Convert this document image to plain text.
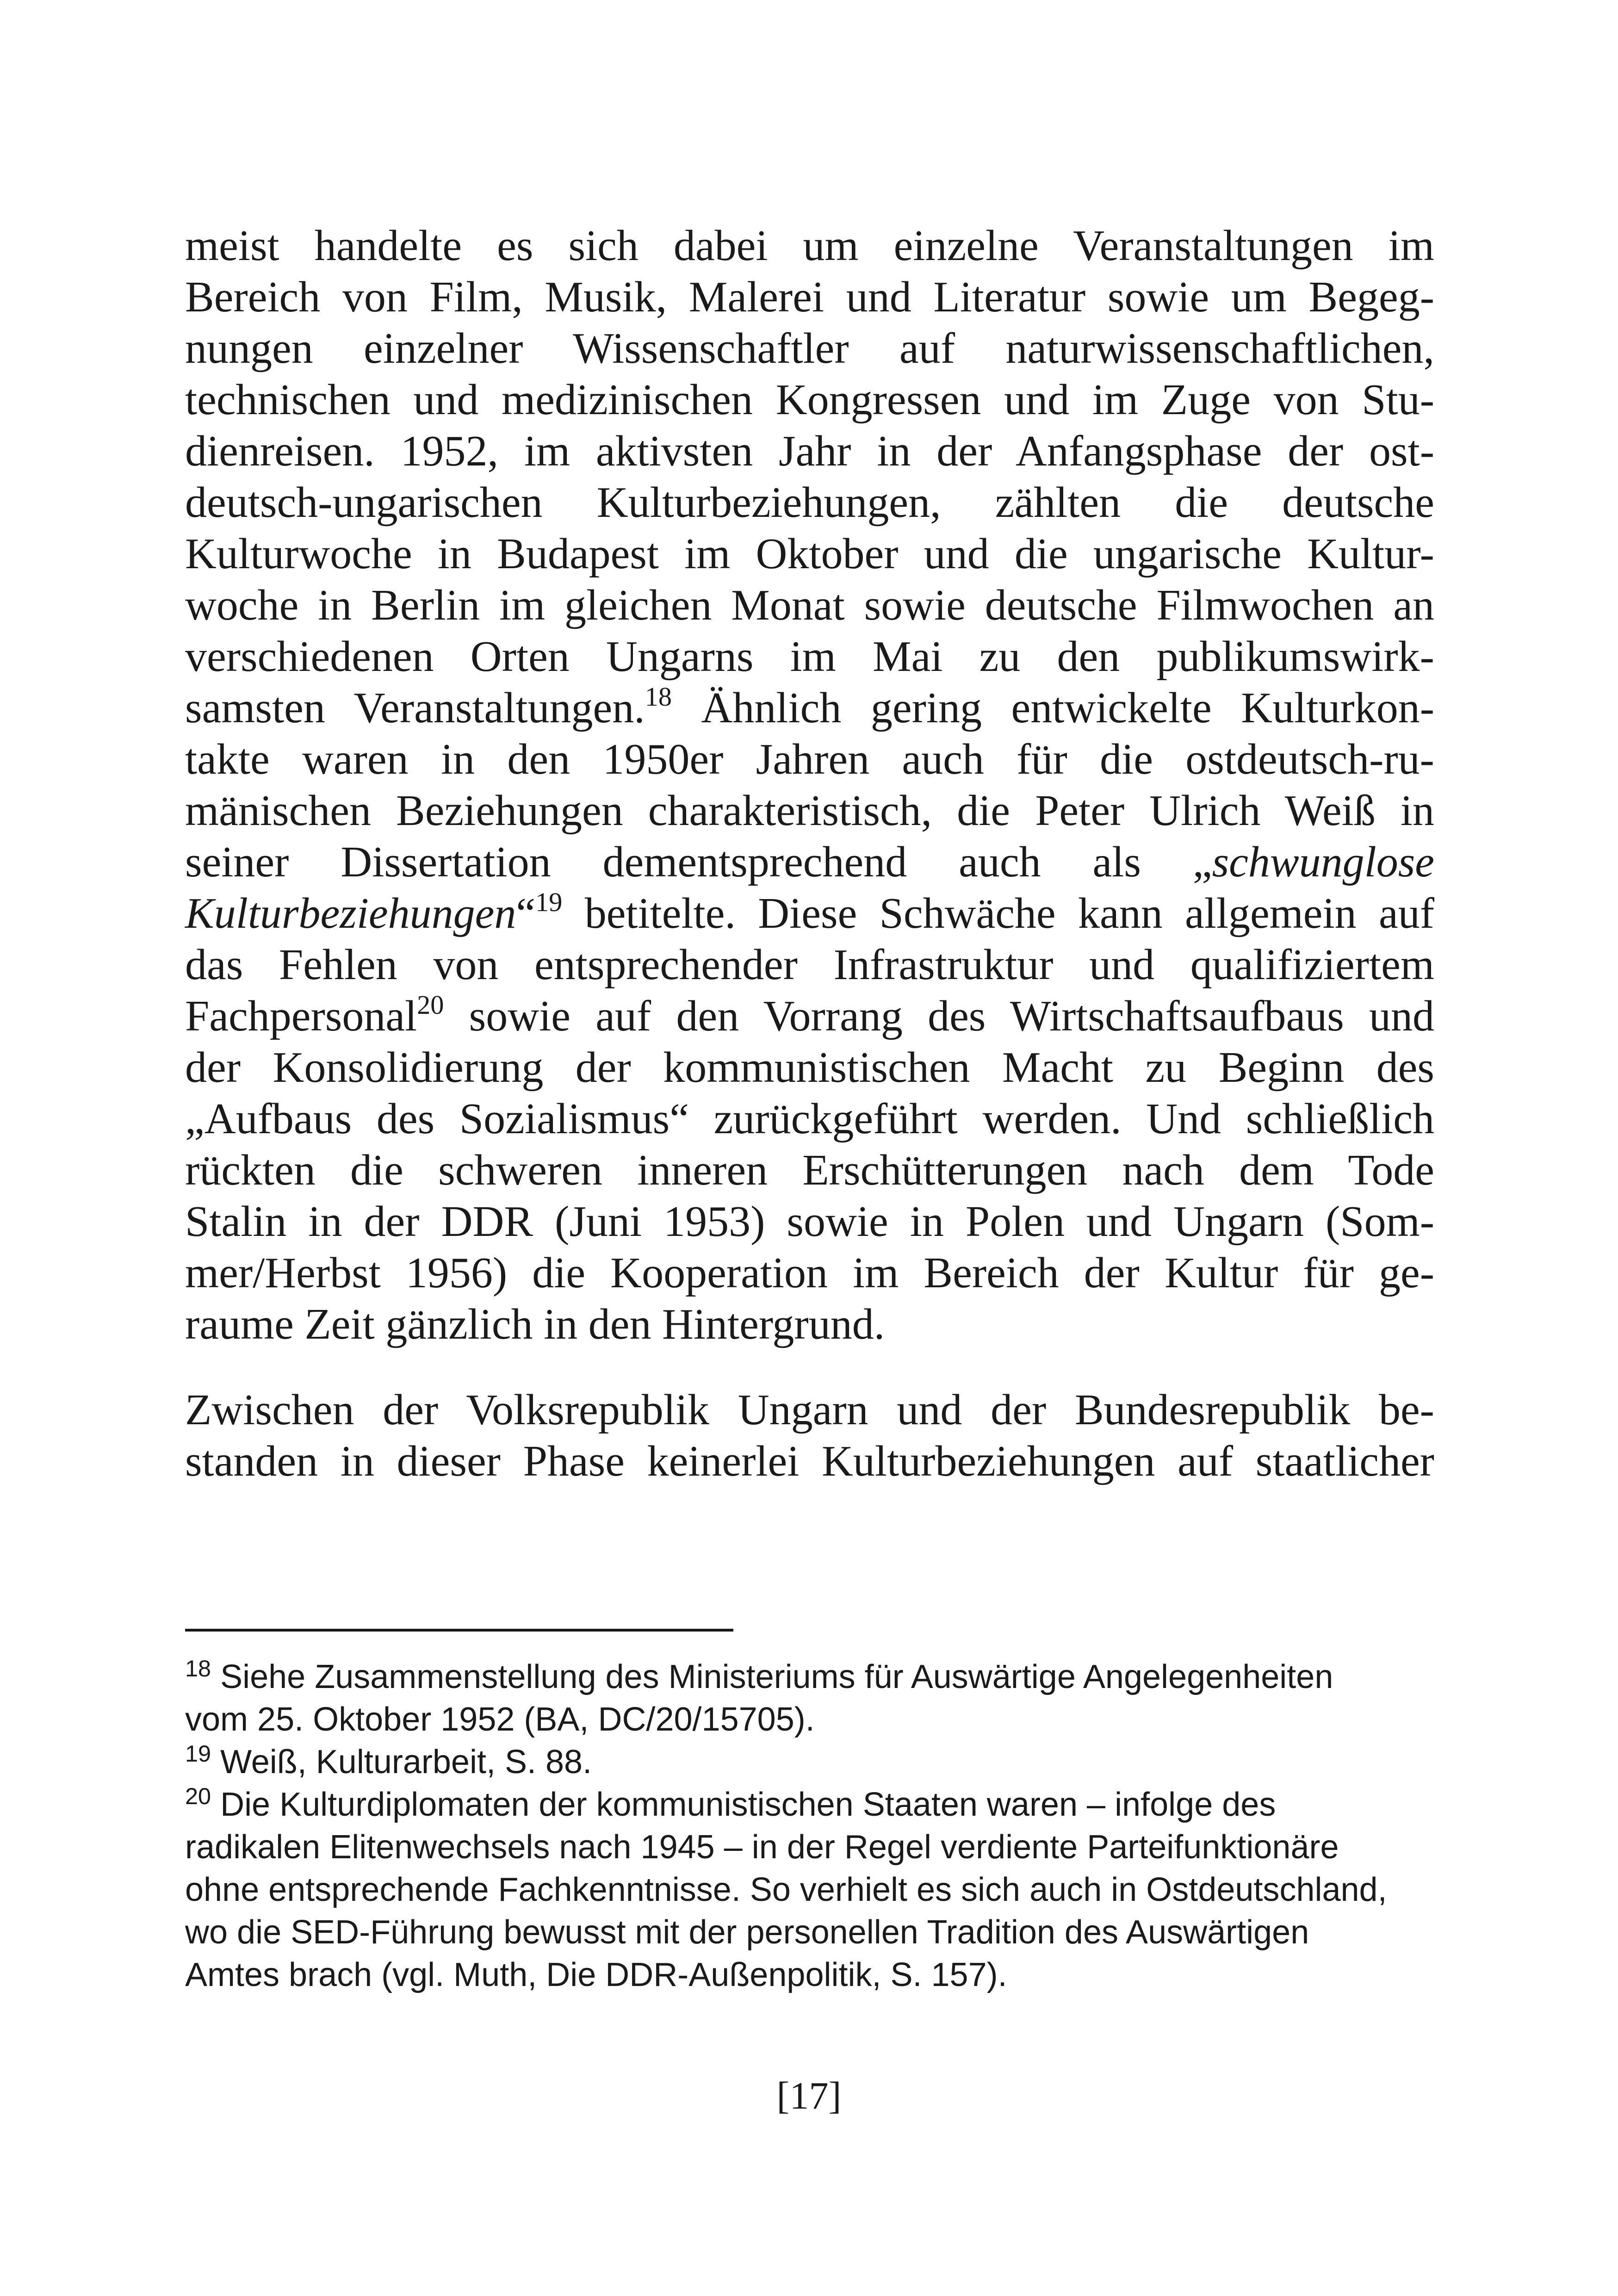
meist handelte es sich dabei um einzelne Veranstaltungen im
Bereich von Film, Musik, Malerei und Literatur sowie um Begeg-
nungen einzelner Wissenschaftler auf naturwissenschaftlichen,
technischen und medizinischen Kongressen und im Zuge von Stu-
dienreisen. 1952, im aktivsten Jahr in der Anfangsphase der ost-
deutsch-ungarischen Kulturbeziehungen, zählten die deutsche
Kulturwoche in Budapest im Oktober und die ungarische Kultur-
woche in Berlin im gleichen Monat sowie deutsche Filmwochen an
verschiedenen Orten Ungarns im Mai zu den publikumswirk-
samsten Veranstaltungen.$^{18}$ Ähnlich gering entwickelte Kulturkon-
takte waren in den 1950er Jahren auch für die ostdeutsch-ru-
mänischen Beziehungen charakteristisch, die Peter Ulrich Weiß in
seiner Dissertation dementsprechend auch als „schwunglose
Kulturbeziehungen“$^{19}$ betitelte. Diese Schwäche kann allgemein auf
das Fehlen von entsprechender Infrastruktur und qualifiziertem
Fachpersonal$^{20}$ sowie auf den Vorrang des Wirtschaftsaufbaus und
der Konsolidierung der kommunistischen Macht zu Beginn des
„Aufbaus des Sozialismus“ zurückgeführt werden. Und schließlich
rückten die schweren inneren Erschütterungen nach dem Tode
Stalin in der DDR (Juni 1953) sowie in Polen und Ungarn (Som-
mer/Herbst 1956) die Kooperation im Bereich der Kultur für ge-
raume Zeit gänzlich in den Hintergrund.
Zwischen der Volksrepublik Ungarn und der Bundesrepublik be-
standen in dieser Phase keinerlei Kulturbeziehungen auf staatlicher
$^{18}$ Siehe Zusammenstellung des Ministeriums für Auswärtige Angelegenheiten
vom 25. Oktober 1952 (BA, DC/20/15705).
$^{19}$ Weiß, Kulturarbeit, S. 88.
$^{20}$ Die Kulturdiplomaten der kommunistischen Staaten waren – infolge des
radikalen Elitenwechsels nach 1945 – in der Regel verdiente Parteifunktionäre
ohne entsprechende Fachkenntnisse. So verhielt es sich auch in Ostdeutschland,
wo die SED-Führung bewusst mit der personellen Tradition des Auswärtigen
Amtes brach (vgl. Muth, Die DDR-Außenpolitik, S. 157).
[17]
